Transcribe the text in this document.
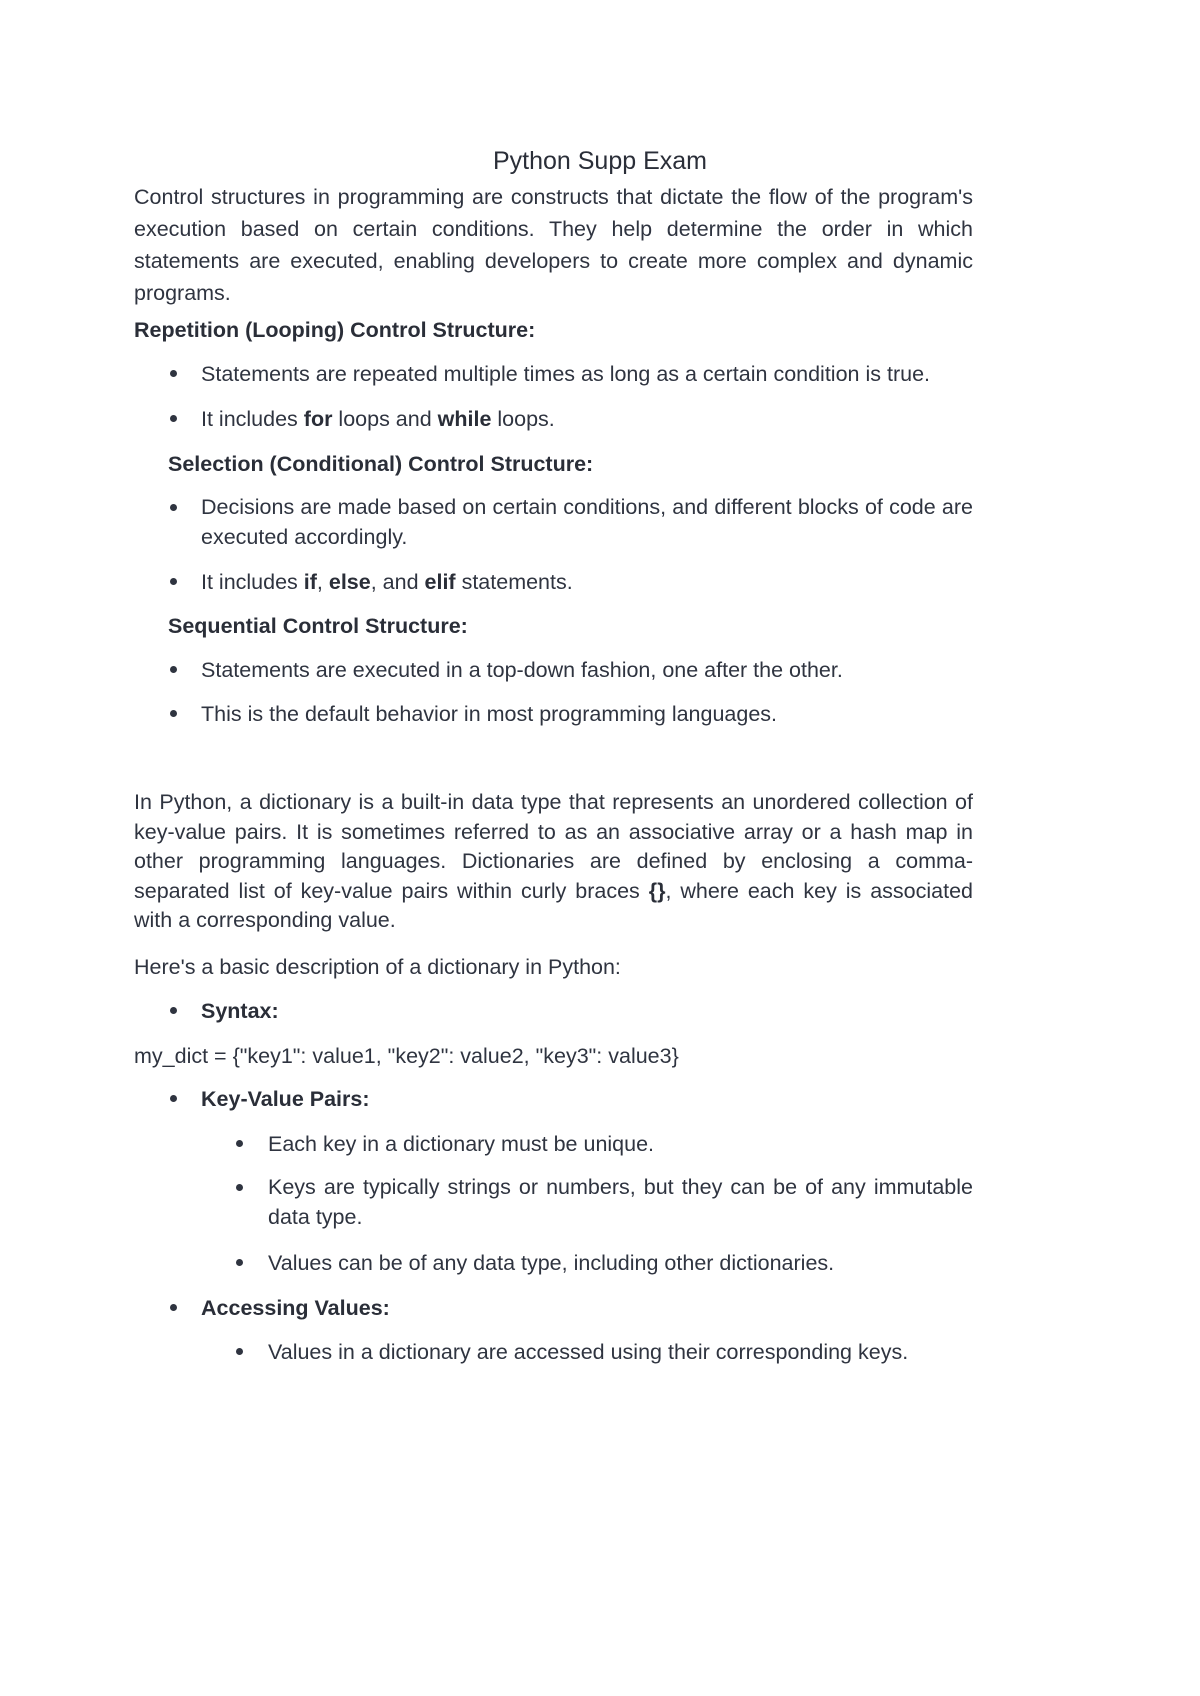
Python Supp Exam

Control structures in programming are constructs that dictate the flow of the program's execution based on certain conditions. They help determine the order in which statements are executed, enabling developers to create more complex and dynamic programs.

Repetition (Looping) Control Structure:

Statements are repeated multiple times as long as a certain condition is true.

It includes for loops and while loops.

Selection (Conditional) Control Structure:

Decisions are made based on certain conditions, and different blocks of code are executed accordingly.

It includes if, else, and elif statements.

Sequential Control Structure:

Statements are executed in a top-down fashion, one after the other.

This is the default behavior in most programming languages.

In Python, a dictionary is a built-in data type that represents an unordered collection of key-value pairs. It is sometimes referred to as an associative array or a hash map in other programming languages. Dictionaries are defined by enclosing a comma-separated list of key-value pairs within curly braces {}, where each key is associated with a corresponding value.

Here's a basic description of a dictionary in Python:

Syntax:

my_dict = {"key1": value1, "key2": value2, "key3": value3}

Key-Value Pairs:

Each key in a dictionary must be unique.

Keys are typically strings or numbers, but they can be of any immutable data type.

Values can be of any data type, including other dictionaries.

Accessing Values:

Values in a dictionary are accessed using their corresponding keys.
